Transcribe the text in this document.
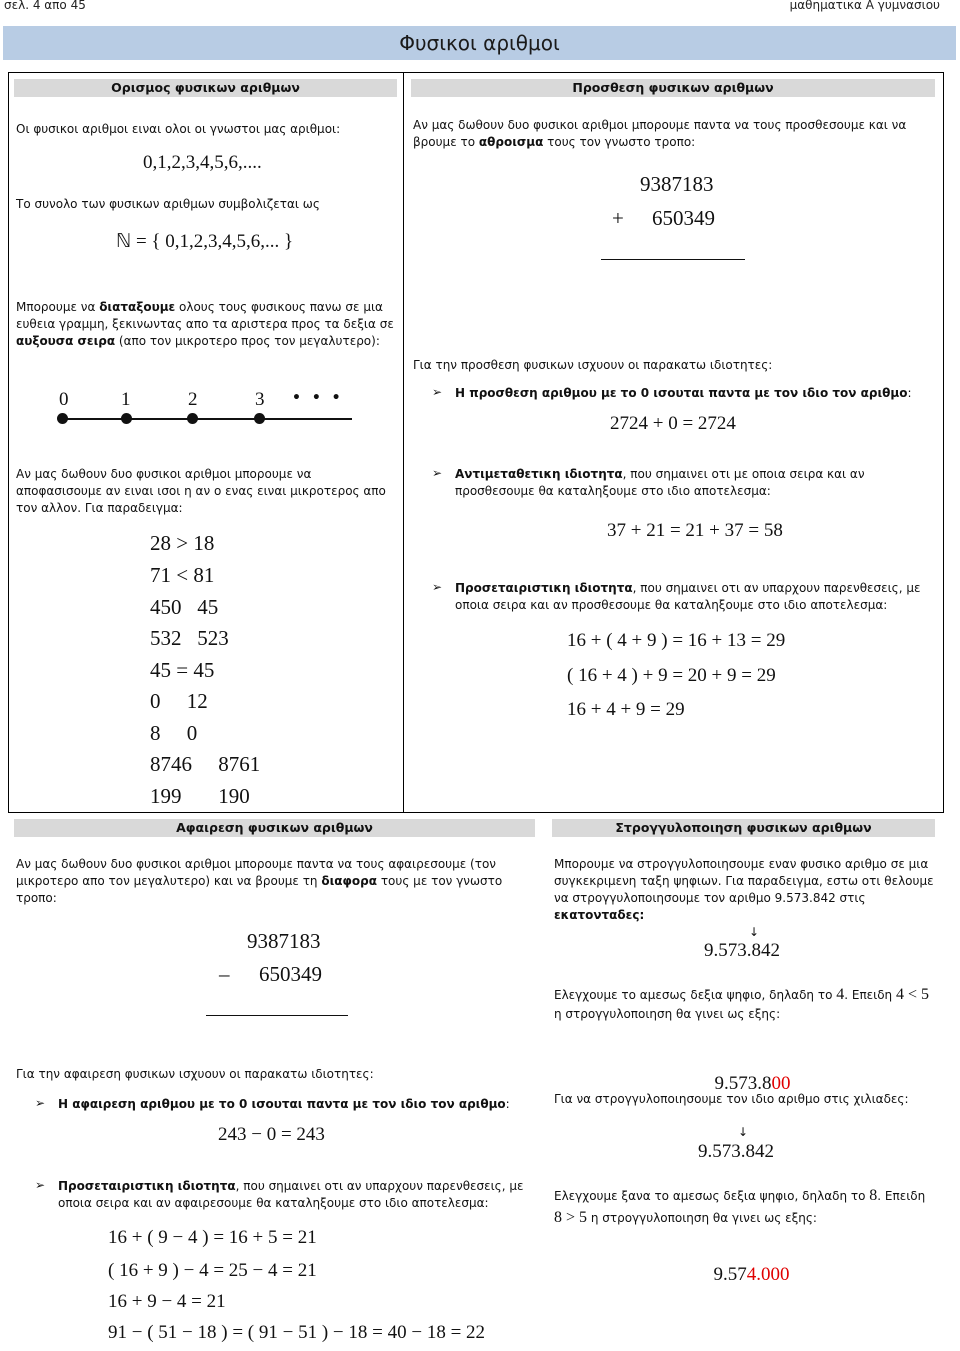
σελ. 4 απο 45	μαθηματικα Α γυμνασιου
Φυσικοι αριθμοι
Ορισμος φυσικων αριθμων
Οι φυσικοι αριθμοι ειναι ολοι οι γνωστοι μας αριθμοι:
0,1,2,3,4,5,6,....
Το συνολο των φυσικων αριθμων συμβολιζεται ως
ℕ = { 0,1,2,3,4,5,6,... }
Μπορουμε να διαταξουμε ολους τους φυσικους πανω σε μια ευθεια γραμμη, ξεκινωντας απο τα αριστερα προς τα δεξια σε αυξουσα σειρα (απο τον μικροτερο προς τον μεγαλυτερο):
0	1	2	3 • • •
Αν μας δωθουν δυο φυσικοι αριθμοι μπορουμε να αποφασισουμε αν ειναι ισοι η αν ο ενας ειναι μικροτερος απο τον αλλον. Για παραδειγμα:
28 > 18
71 < 81
450   45
532   523
45 = 45
0     12
8     0
8746     8761
199       190
Προσθεση φυσικων αριθμων
Αν μας δωθουν δυο φυσικοι αριθμοι μπορουμε παντα να τους προσθεσουμε και να βρουμε το αθροισμα τους τον γνωστο τροπο:
9387183
+ 650349
Για την προσθεση φυσικων ισχυουν οι παρακατω ιδιοτητες:
➢ Η προσθεση αριθμου με το 0 ισουται παντα με τον ιδιο τον αριθμο:
2724 + 0 = 2724
➢ Αντιμεταθετικη ιδιοτητα, που σημαινει οτι με οποια σειρα και αν προσθεσουμε θα καταληξουμε στο ιδιο αποτελεσμα:
37 + 21 = 21 + 37 = 58
➢ Προσεταιριστικη ιδιοτητα, που σημαινει οτι αν υπαρχουν παρενθεσεις, με οποια σειρα και αν προσθεσουμε θα καταληξουμε στο ιδιο αποτελεσμα:
16 + ( 4 + 9 ) = 16 + 13 = 29
( 16 + 4 ) + 9 = 20 + 9 = 29
16 + 4 + 9 = 29
Αφαιρεση φυσικων αριθμων
Αν μας δωθουν δυο φυσικοι αριθμοι μπορουμε παντα να τους αφαιρεσουμε (τον μικροτερο απο τον μεγαλυτερο) και να βρουμε τη διαφορα τους με τον γνωστο τροπο:
9387183
– 650349
Για την αφαιρεση φυσικων ισχυουν οι παρακατω ιδιοτητες:
➢ Η αφαιρεση αριθμου με το 0 ισουται παντα με τον ιδιο τον αριθμο:
243 − 0 = 243
➢ Προσεταιριστικη ιδιοτητα, που σημαινει οτι αν υπαρχουν παρενθεσεις, με οποια σειρα και αν αφαιρεσουμε θα καταληξουμε στο ιδιο αποτελεσμα:
16 + ( 9 − 4 ) = 16 + 5 = 21
( 16 + 9 ) − 4 = 25 − 4 = 21
16 + 9 − 4 = 21
91 − ( 51 − 18 ) = ( 91 − 51 ) − 18 = 40 − 18 = 22
Στρογγυλοποιηση φυσικων αριθμων
Μπορουμε να στρογγυλοποιησουμε εναν φυσικο αριθμο σε μια συγκεκριμενη ταξη ψηφιων. Για παραδειγμα, εστω οτι θελουμε να στρογγυλοποιησουμε τον αριθμο 9.573.842 στις εκατονταδες:
↓
9.573.842
Ελεγχουμε το αμεσως δεξια ψηφιο, δηλαδη το 4. Επειδη 4 < 5 η στρογγυλοποιηση θα γινει ως εξης:

9.573.800

Για να στρογγυλοποιησουμε τον ιδιο αριθμο στις χιλιαδες:
↓
9.573.842
Ελεγχουμε ξανα το αμεσως δεξια ψηφιο, δηλαδη το 8. Επειδη 8 > 5 η στρογγυλοποιηση θα γινει ως εξης:

9.574.000
